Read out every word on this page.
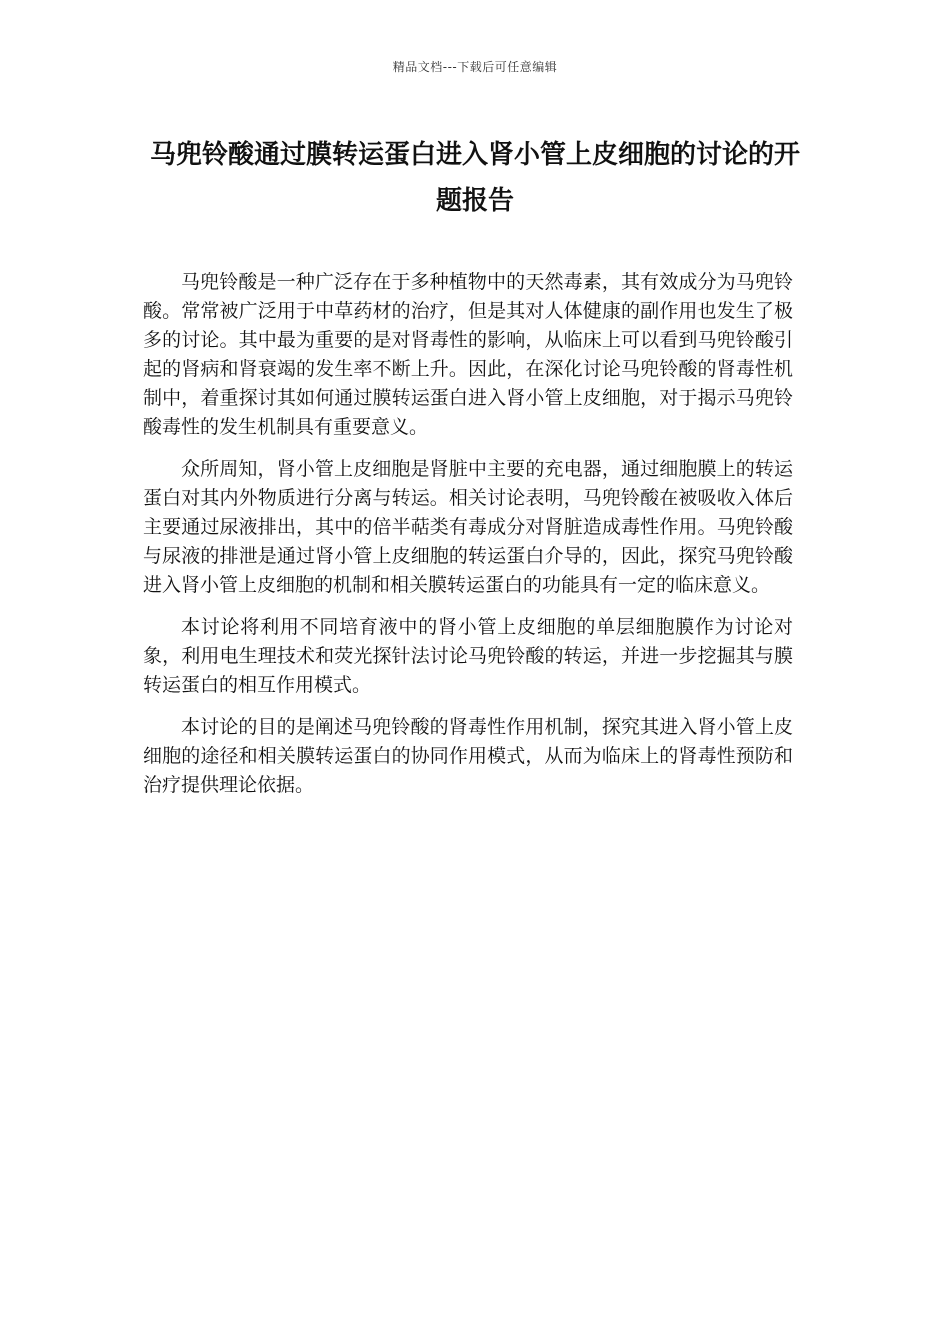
精品文档---下载后可任意编辑
马兜铃酸通过膜转运蛋白进入肾小管上皮细胞的讨论的开题报告

马兜铃酸是一种广泛存在于多种植物中的天然毒素，其有效成分为马兜铃酸。常常被广泛用于中草药材的治疗，但是其对人体健康的副作用也发生了极多的讨论。其中最为重要的是对肾毒性的影响，从临床上可以看到马兜铃酸引起的肾病和肾衰竭的发生率不断上升。因此，在深化讨论马兜铃酸的肾毒性机制中，着重探讨其如何通过膜转运蛋白进入肾小管上皮细胞，对于揭示马兜铃酸毒性的发生机制具有重要意义。

众所周知，肾小管上皮细胞是肾脏中主要的充电器，通过细胞膜上的转运蛋白对其内外物质进行分离与转运。相关讨论表明，马兜铃酸在被吸收入体后主要通过尿液排出，其中的倍半萜类有毒成分对肾脏造成毒性作用。马兜铃酸与尿液的排泄是通过肾小管上皮细胞的转运蛋白介导的，因此，探究马兜铃酸进入肾小管上皮细胞的机制和相关膜转运蛋白的功能具有一定的临床意义。

本讨论将利用不同培育液中的肾小管上皮细胞的单层细胞膜作为讨论对象，利用电生理技术和荧光探针法讨论马兜铃酸的转运，并进一步挖掘其与膜转运蛋白的相互作用模式。

本讨论的目的是阐述马兜铃酸的肾毒性作用机制，探究其进入肾小管上皮细胞的途径和相关膜转运蛋白的协同作用模式，从而为临床上的肾毒性预防和治疗提供理论依据。
